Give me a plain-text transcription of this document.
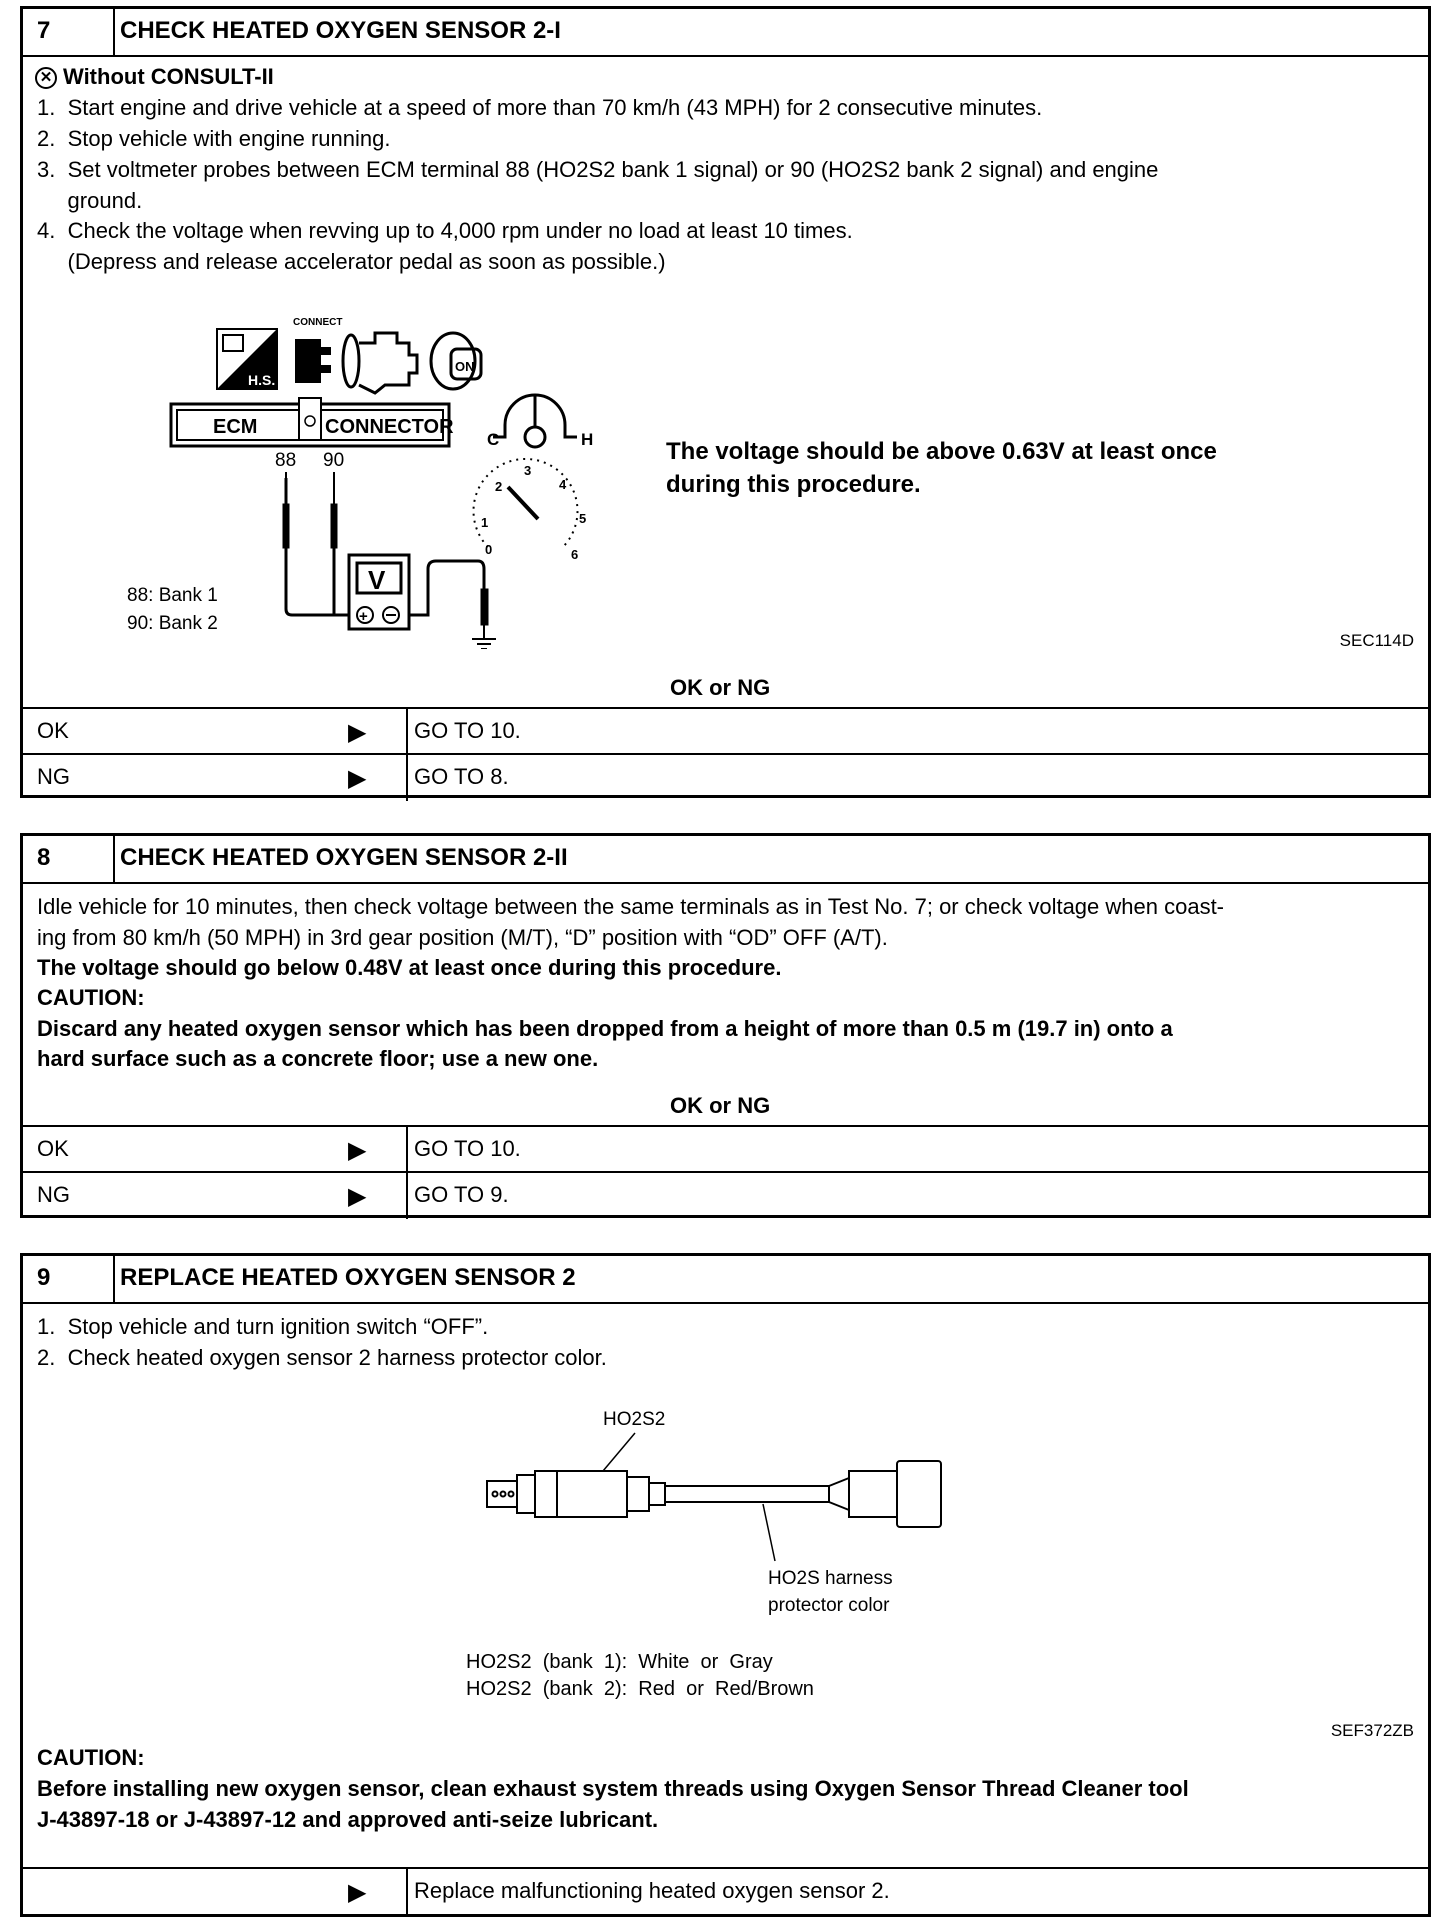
7	CHECK HEATED OXYGEN SENSOR 2-I
✕ Without CONSULT-II
1.  Start engine and drive vehicle at a speed of more than 70 km/h (43 MPH) for 2 consecutive minutes.
2.  Stop vehicle with engine running.
3.  Set voltmeter probes between ECM terminal 88 (HO2S2 bank 1 signal) or 90 (HO2S2 bank 2 signal) and engine
ground.
4.  Check the voltage when revving up to 4,000 rpm under no load at least 10 times.
(Depress and release accelerator pedal as soon as possible.)
H.S.
CONNECT
ON
ECM	CONNECTOR
88 90
V
+
C	H
0
1
2
3
4
5
6
88: Bank 1
90: Bank 2
The voltage should be above 0.63V at least once
during this procedure.
SEC114D
OK or NG
OK	▶ GO TO 10.
NG	▶ GO TO 8.
8	CHECK HEATED OXYGEN SENSOR 2-II
Idle vehicle for 10 minutes, then check voltage between the same terminals as in Test No. 7; or check voltage when coast-
ing from 80 km/h (50 MPH) in 3rd gear position (M/T), “D” position with “OD” OFF (A/T).
The voltage should go below 0.48V at least once during this procedure.
CAUTION:
Discard any heated oxygen sensor which has been dropped from a height of more than 0.5 m (19.7 in) onto a
hard surface such as a concrete floor; use a new one.
OK or NG
OK	▶ GO TO 10.
NG	▶ GO TO 9.
9	REPLACE HEATED OXYGEN SENSOR 2
1.  Stop vehicle and turn ignition switch “OFF”.
2.  Check heated oxygen sensor 2 harness protector color.
HO2S2
HO2S harness
protector color
HO2S2  (bank  1):  White  or  Gray
HO2S2  (bank  2):  Red  or  Red/Brown
SEF372ZB
CAUTION:
Before installing new oxygen sensor, clean exhaust system threads using Oxygen Sensor Thread Cleaner tool
J-43897-18 or J-43897-12 and approved anti-seize lubricant.
▶ Replace malfunctioning heated oxygen sensor 2.
